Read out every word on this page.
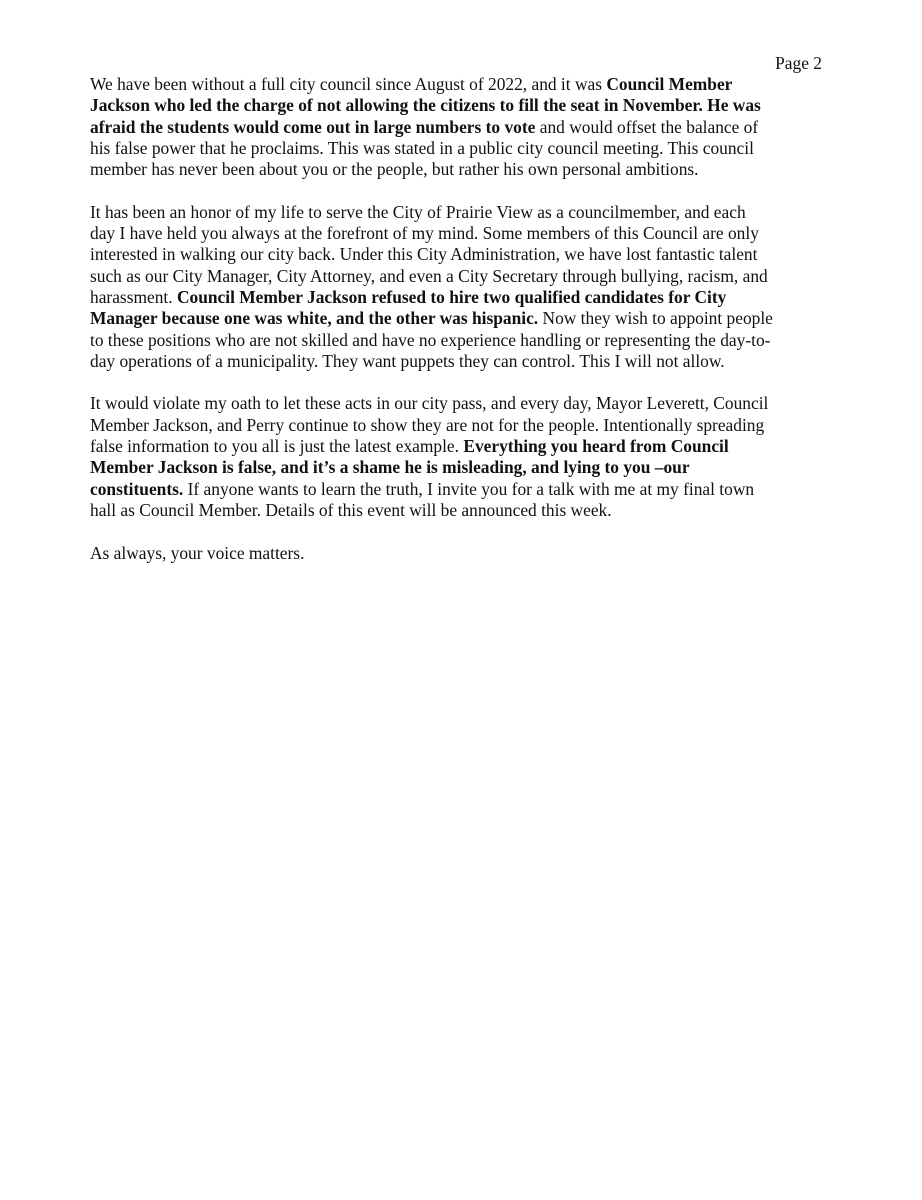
Page 2
We have been without a full city council since August of 2022, and it was Council Member
Jackson who led the charge of not allowing the citizens to fill the seat in November. He was
afraid the students would come out in large numbers to vote and would offset the balance of
his false power that he proclaims. This was stated in a public city council meeting. This council
member has never been about you or the people, but rather his own personal ambitions.
It has been an honor of my life to serve the City of Prairie View as a councilmember, and each
day I have held you always at the forefront of my mind. Some members of this Council are only
interested in walking our city back. Under this City Administration, we have lost fantastic talent
such as our City Manager, City Attorney, and even a City Secretary through bullying, racism, and
harassment. Council Member Jackson refused to hire two qualified candidates for City
Manager because one was white, and the other was hispanic. Now they wish to appoint people
to these positions who are not skilled and have no experience handling or representing the day-to-
day operations of a municipality. They want puppets they can control. This I will not allow.
It would violate my oath to let these acts in our city pass, and every day, Mayor Leverett, Council
Member Jackson, and Perry continue to show they are not for the people. Intentionally spreading
false information to you all is just the latest example. Everything you heard from Council
Member Jackson is false, and it’s a shame he is misleading, and lying to you –our
constituents. If anyone wants to learn the truth, I invite you for a talk with me at my final town
hall as Council Member. Details of this event will be announced this week.
As always, your voice matters.
